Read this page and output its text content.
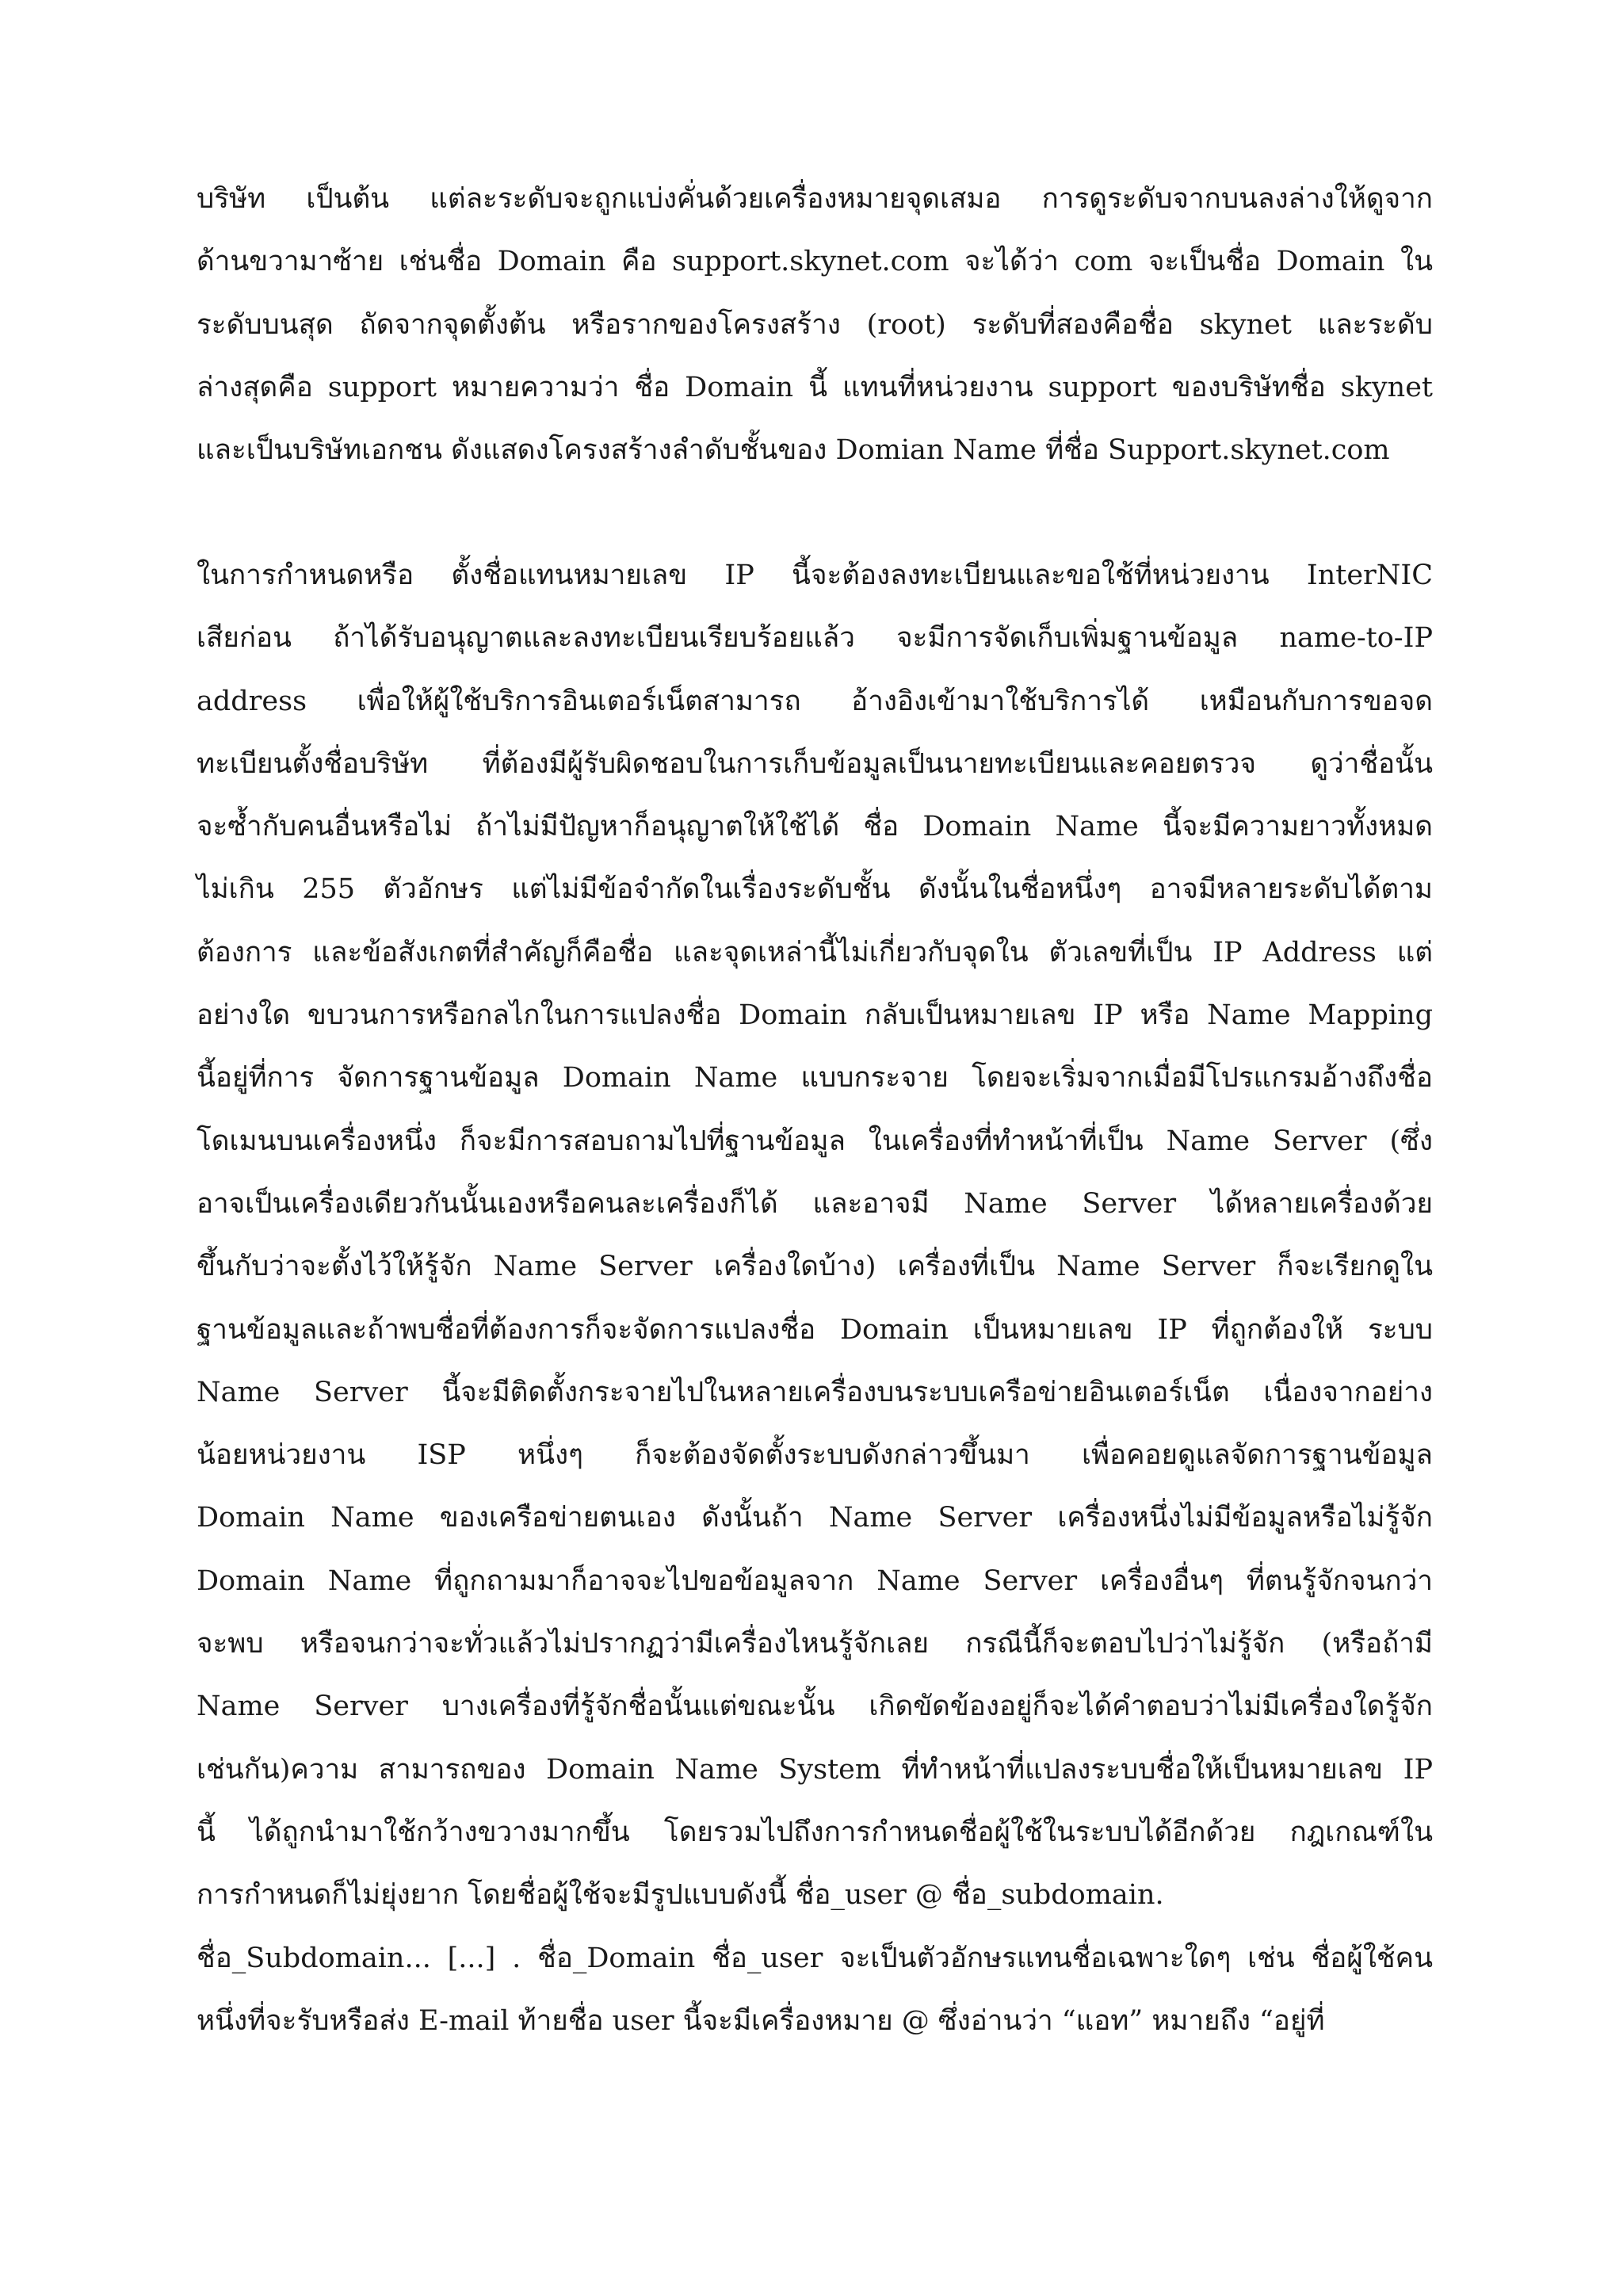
บริษัท เป็นต้น แต่ละระดับจะถูกแบ่งคั่นด้วยเครื่องหมายจุดเสมอ การดูระดับจากบนลงล่างให้ดูจาก
ด้านขวามาซ้าย เช่นชื่อ Domain คือ support.skynet.com จะได้ว่า com จะเป็นชื่อ Domain ใน
ระดับบนสุด ถัดจากจุดตั้งต้น หรือรากของโครงสร้าง (root) ระดับที่สองคือชื่อ skynet และระดับ
ล่างสุดคือ support หมายความว่า ชื่อ Domain นี้ แทนที่หน่วยงาน support ของบริษัทชื่อ skynet
และเป็นบริษัทเอกชน ดังแสดงโครงสร้างลำดับชั้นของ Domian Name ที่ชื่อ Support.skynet.com
ในการกำหนดหรือ ตั้งชื่อแทนหมายเลข IP นี้จะต้องลงทะเบียนและขอใช้ที่หน่วยงาน InterNIC
เสียก่อน ถ้าได้รับอนุญาตและลงทะเบียนเรียบร้อยแล้ว จะมีการจัดเก็บเพิ่มฐานข้อมูล name-to-IP
address เพื่อให้ผู้ใช้บริการอินเตอร์เน็ตสามารถ อ้างอิงเข้ามาใช้บริการได้ เหมือนกับการขอจด
ทะเบียนตั้งชื่อบริษัท ที่ต้องมีผู้รับผิดชอบในการเก็บข้อมูลเป็นนายทะเบียนและคอยตรวจ ดูว่าชื่อนั้น
จะซ้ำกับคนอื่นหรือไม่ ถ้าไม่มีปัญหาก็อนุญาตให้ใช้ได้ ชื่อ Domain Name นี้จะมีความยาวทั้งหมด
ไม่เกิน 255 ตัวอักษร แต่ไม่มีข้อจำกัดในเรื่องระดับชั้น ดังนั้นในชื่อหนึ่งๆ อาจมีหลายระดับได้ตาม
ต้องการ และข้อสังเกตที่สำคัญก็คือชื่อ และจุดเหล่านี้ไม่เกี่ยวกับจุดใน ตัวเลขที่เป็น IP Address แต่
อย่างใด ขบวนการหรือกลไกในการแปลงชื่อ Domain กลับเป็นหมายเลข IP หรือ Name Mapping
นี้อยู่ที่การ จัดการฐานข้อมูล Domain Name แบบกระจาย โดยจะเริ่มจากเมื่อมีโปรแกรมอ้างถึงชื่อ
โดเมนบนเครื่องหนึ่ง ก็จะมีการสอบถามไปที่ฐานข้อมูล ในเครื่องที่ทำหน้าที่เป็น Name Server (ซึ่ง
อาจเป็นเครื่องเดียวกันนั้นเองหรือคนละเครื่องก็ได้ และอาจมี Name Server ได้หลายเครื่องด้วย
ขึ้นกับว่าจะตั้งไว้ให้รู้จัก Name Server เครื่องใดบ้าง) เครื่องที่เป็น Name Server ก็จะเรียกดูใน
ฐานข้อมูลและถ้าพบชื่อที่ต้องการก็จะจัดการแปลงชื่อ Domain เป็นหมายเลข IP ที่ถูกต้องให้ ระบบ
Name Server นี้จะมีติดตั้งกระจายไปในหลายเครื่องบนระบบเครือข่ายอินเตอร์เน็ต เนื่องจากอย่าง
น้อยหน่วยงาน ISP หนึ่งๆ ก็จะต้องจัดตั้งระบบดังกล่าวขึ้นมา เพื่อคอยดูแลจัดการฐานข้อมูล
Domain Name ของเครือข่ายตนเอง ดังนั้นถ้า Name Server เครื่องหนึ่งไม่มีข้อมูลหรือไม่รู้จัก
Domain Name ที่ถูกถามมาก็อาจจะไปขอข้อมูลจาก Name Server เครื่องอื่นๆ ที่ตนรู้จักจนกว่า
จะพบ หรือจนกว่าจะทั่วแล้วไม่ปรากฏว่ามีเครื่องไหนรู้จักเลย กรณีนี้ก็จะตอบไปว่าไม่รู้จัก (หรือถ้ามี
Name Server บางเครื่องที่รู้จักชื่อนั้นแต่ขณะนั้น เกิดขัดข้องอยู่ก็จะได้คำตอบว่าไม่มีเครื่องใดรู้จัก
เช่นกัน)ความ สามารถของ Domain Name System ที่ทำหน้าที่แปลงระบบชื่อให้เป็นหมายเลข IP
นี้ ได้ถูกนำมาใช้กว้างขวางมากขึ้น โดยรวมไปถึงการกำหนดชื่อผู้ใช้ในระบบได้อีกด้วย กฎเกณฑ์ใน
การกำหนดก็ไม่ยุ่งยาก โดยชื่อผู้ใช้จะมีรูปแบบดังนี้ ชื่อ_user @ ชื่อ_subdomain.
ชื่อ_Subdomain... [...] . ชื่อ_Domain ชื่อ_user จะเป็นตัวอักษรแทนชื่อเฉพาะใดๆ เช่น ชื่อผู้ใช้คน
หนึ่งที่จะรับหรือส่ง E-mail ท้ายชื่อ user นี้จะมีเครื่องหมาย @ ซึ่งอ่านว่า “แอท” หมายถึง “อยู่ที่
